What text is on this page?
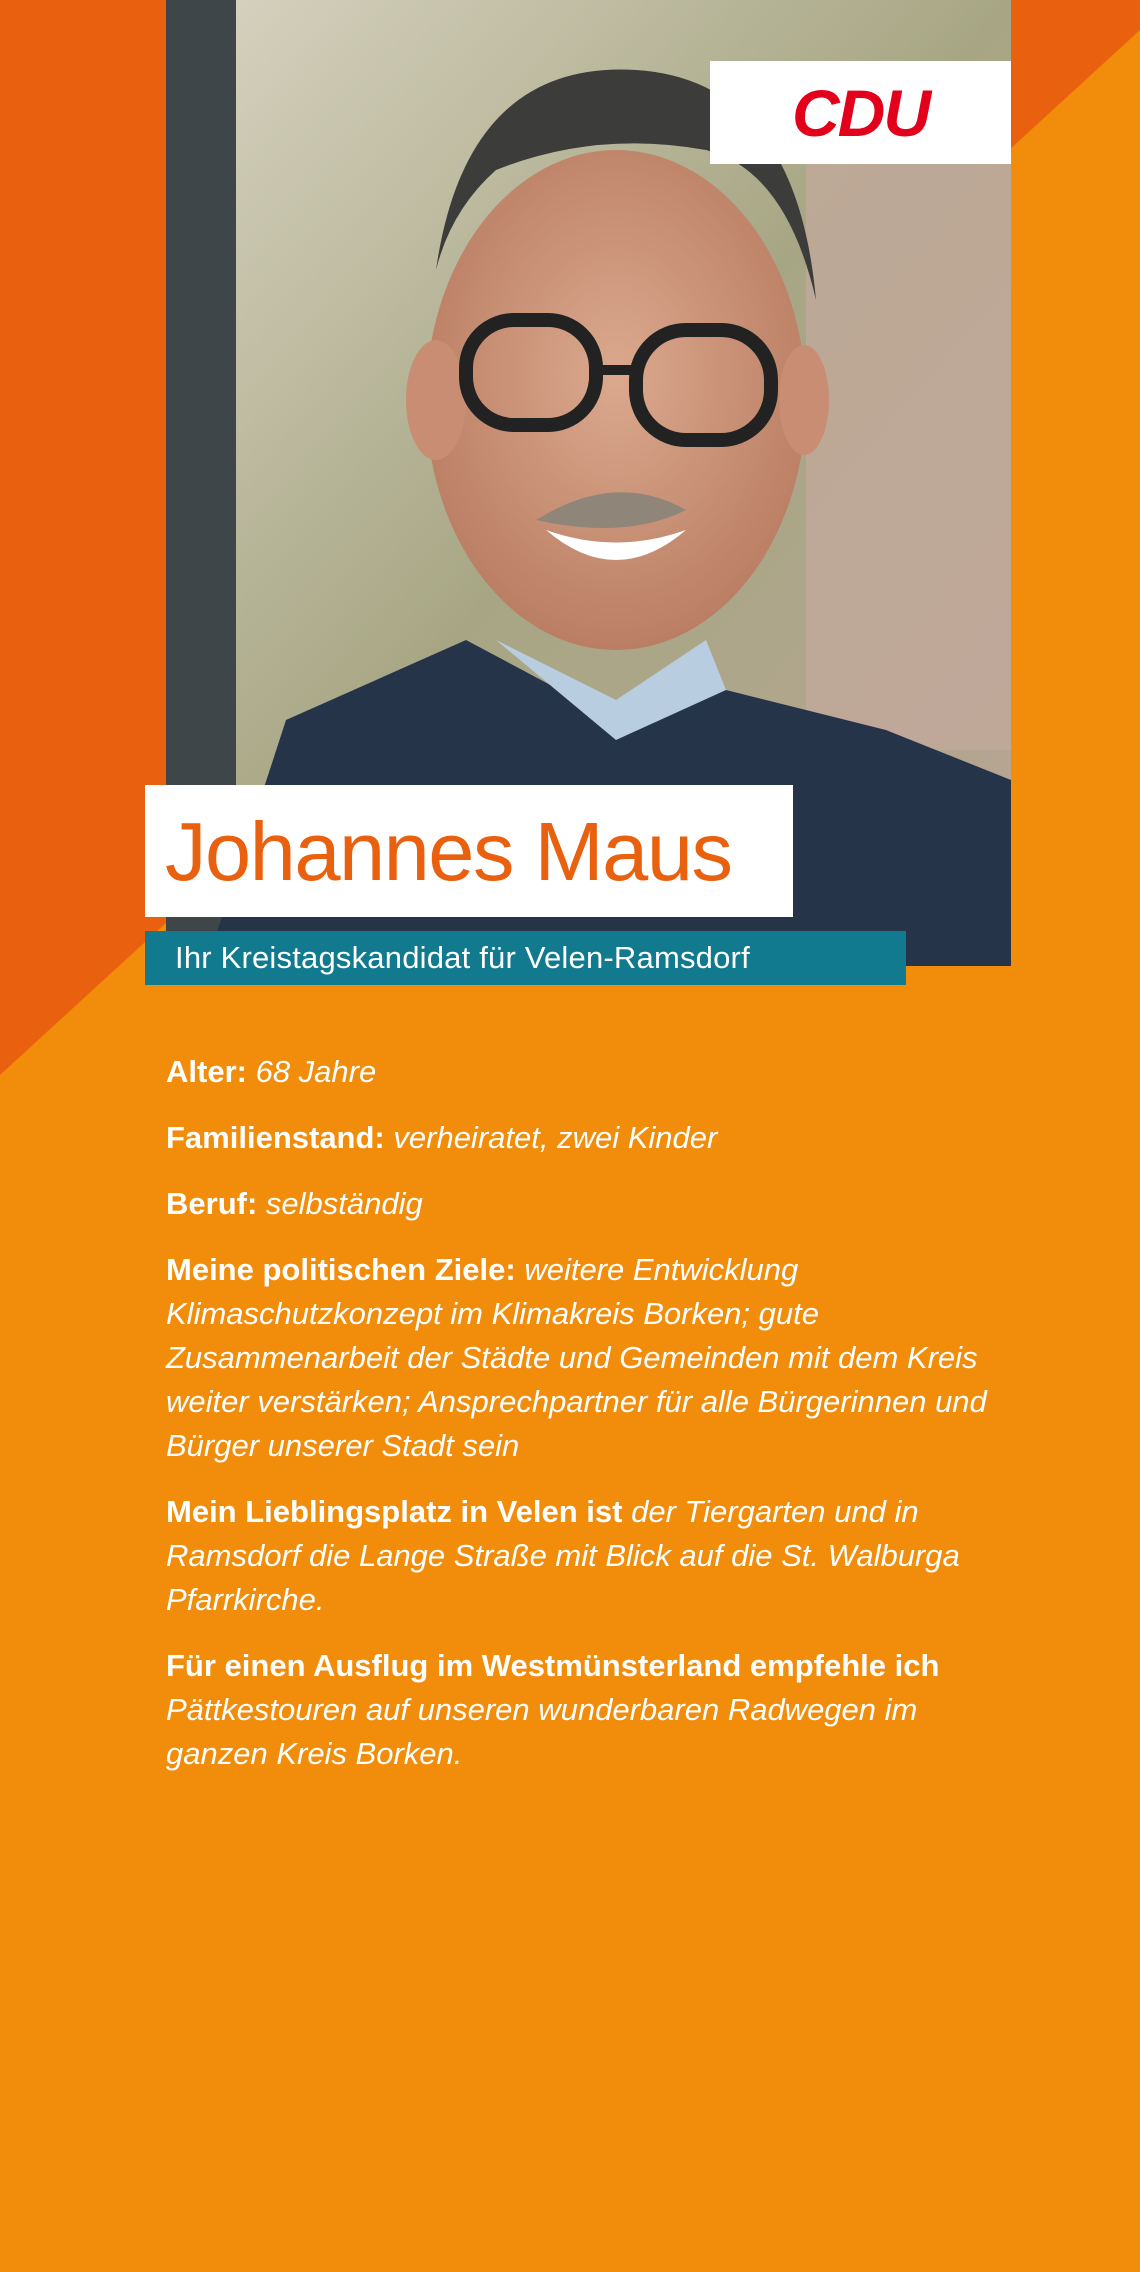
CDU
Johannes Maus
Ihr Kreistagskandidat für Velen-Ramsdorf

Alter: 68 Jahre

Familienstand: verheiratet, zwei Kinder

Beruf: selbständig

Meine politischen Ziele: weitere Entwicklung Klimaschutzkonzept im Klimakreis Borken; gute Zusammenarbeit der Städte und Gemeinden mit dem Kreis weiter verstärken; Ansprechpartner für alle Bürgerinnen und Bürger unserer Stadt sein

Mein Lieblingsplatz in Velen ist der Tiergarten und in Ramsdorf die Lange Straße mit Blick auf die St. Walburga Pfarrkirche.

Für einen Ausflug im Westmünsterland empfehle ich Pättkestouren auf unseren wunderbaren Radwegen im ganzen Kreis Borken.
